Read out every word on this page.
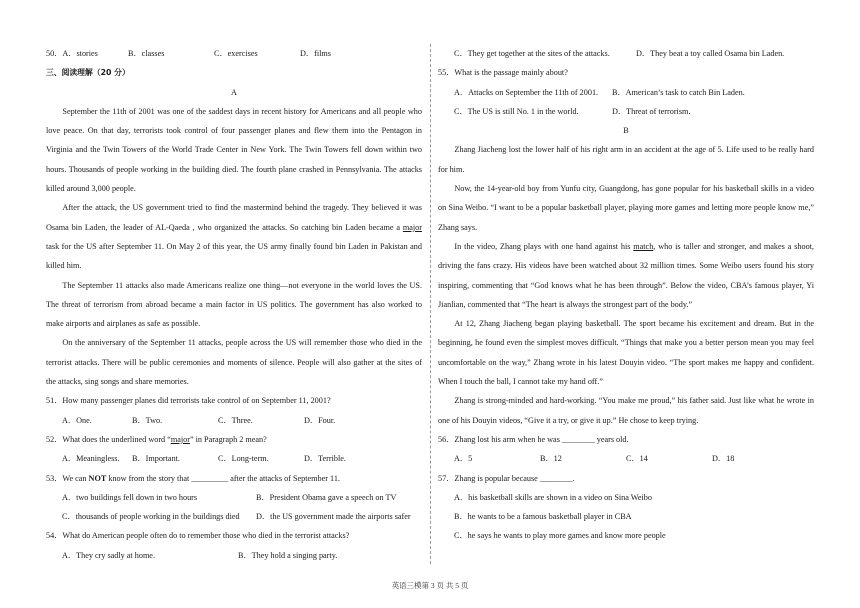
50．A．stories	B．classes	C．exercises	D．films
三、阅读理解（20 分）
A
September the 11th of 2001 was one of the saddest days in recent history for Americans and all people who love peace. On that day, terrorists took control of four passenger planes and flew them into the Pentagon in Virginia and the Twin Towers of the World Trade Center in New York. The Twin Towers fell down within two hours. Thousands of people working in the building died. The fourth plane crashed in Pennsylvania. The attacks killed around 3,000 people.
After the attack, the US government tried to find the mastermind behind the tragedy. They believed it was Osama bin Laden, the leader of AL-Qaeda , who organized the attacks. So catching bin Laden became a major task for the US after September 11. On May 2 of this year, the US army finally found bin Laden in Pakistan and killed him.
The September 11 attacks also made Americans realize one thing—not everyone in the world loves the US. The threat of terrorism from abroad became a main factor in US politics. The government has also worked to make airports and airplanes as safe as possible.
On the anniversary of the September 11 attacks, people across the US will remember those who died in the terrorist attacks. There will be public ceremonies and moments of silence. People will also gather at the sites of the attacks, sing songs and share memories.
51．How many passenger planes did terrorists take control of on September 11, 2001?
A．One.	B．Two.	C．Three.	D．Four.
52．What does the underlined word “major” in Paragraph 2 mean?
A．Meaningless.	B．Important.	C．Long-term.	D．Terrible.
53．We can NOT know from the story that _________ after the attacks of September 11.
A．two buildings fell down in two hours	B．President Obama gave a speech on TV
C．thousands of people working in the buildings died	D．the US government made the airports safer
54．What do American people often do to remember those who died in the terrorist attacks?
A．They cry sadly at home.	B．They hold a singing party.
C．They get together at the sites of the attacks.	D．They beat a toy called Osama bin Laden.
55．What is the passage mainly about?
A．Attacks on September the 11th of 2001.	B．American’s task to catch Bin Laden.
C．The US is still No. 1 in the world.	D．Threat of terrorism.
B
Zhang Jiacheng lost the lower half of his right arm in an accident at the age of 5. Life used to be really hard for him.
Now, the 14-year-old boy from Yunfu city, Guangdong, has gone popular for his basketball skills in a video on Sina Weibo. “I want to be a popular basketball player, playing more games and letting more people know me,” Zhang says.
In the video, Zhang plays with one hand against his match, who is taller and stronger, and makes a shoot, driving the fans crazy. His videos have been watched about 32 million times. Some Weibo users found his story inspiring, commenting that “God knows what he has been through”. Below the video, CBA’s famous player, Yi Jianlian, commented that “The heart is always the strongest part of the body.”
At 12, Zhang Jiacheng began playing basketball. The sport became his excitement and dream. But in the beginning, he found even the simplest moves difficult. “Things that make you a better person mean you may feel uncomfortable on the way,” Zhang wrote in his latest Douyin video. “The sport makes me happy and confident. When I touch the ball, I cannot take my hand off.”
Zhang is strong-minded and hard-working. “You make me proud,” his father said. Just like what he wrote in one of his Douyin videos, “Give it a try, or give it up.” He chose to keep trying.
56．Zhang lost his arm when he was ________ years old.
A．5	B．12	C．14	D．18
57．Zhang is popular because ________.
A．his basketball skills are shown in a video on Sina Weibo
B．he wants to be a famous basketball player in CBA
C．he says he wants to play more games and know more people
英语三模第 3 页 共 5 页
